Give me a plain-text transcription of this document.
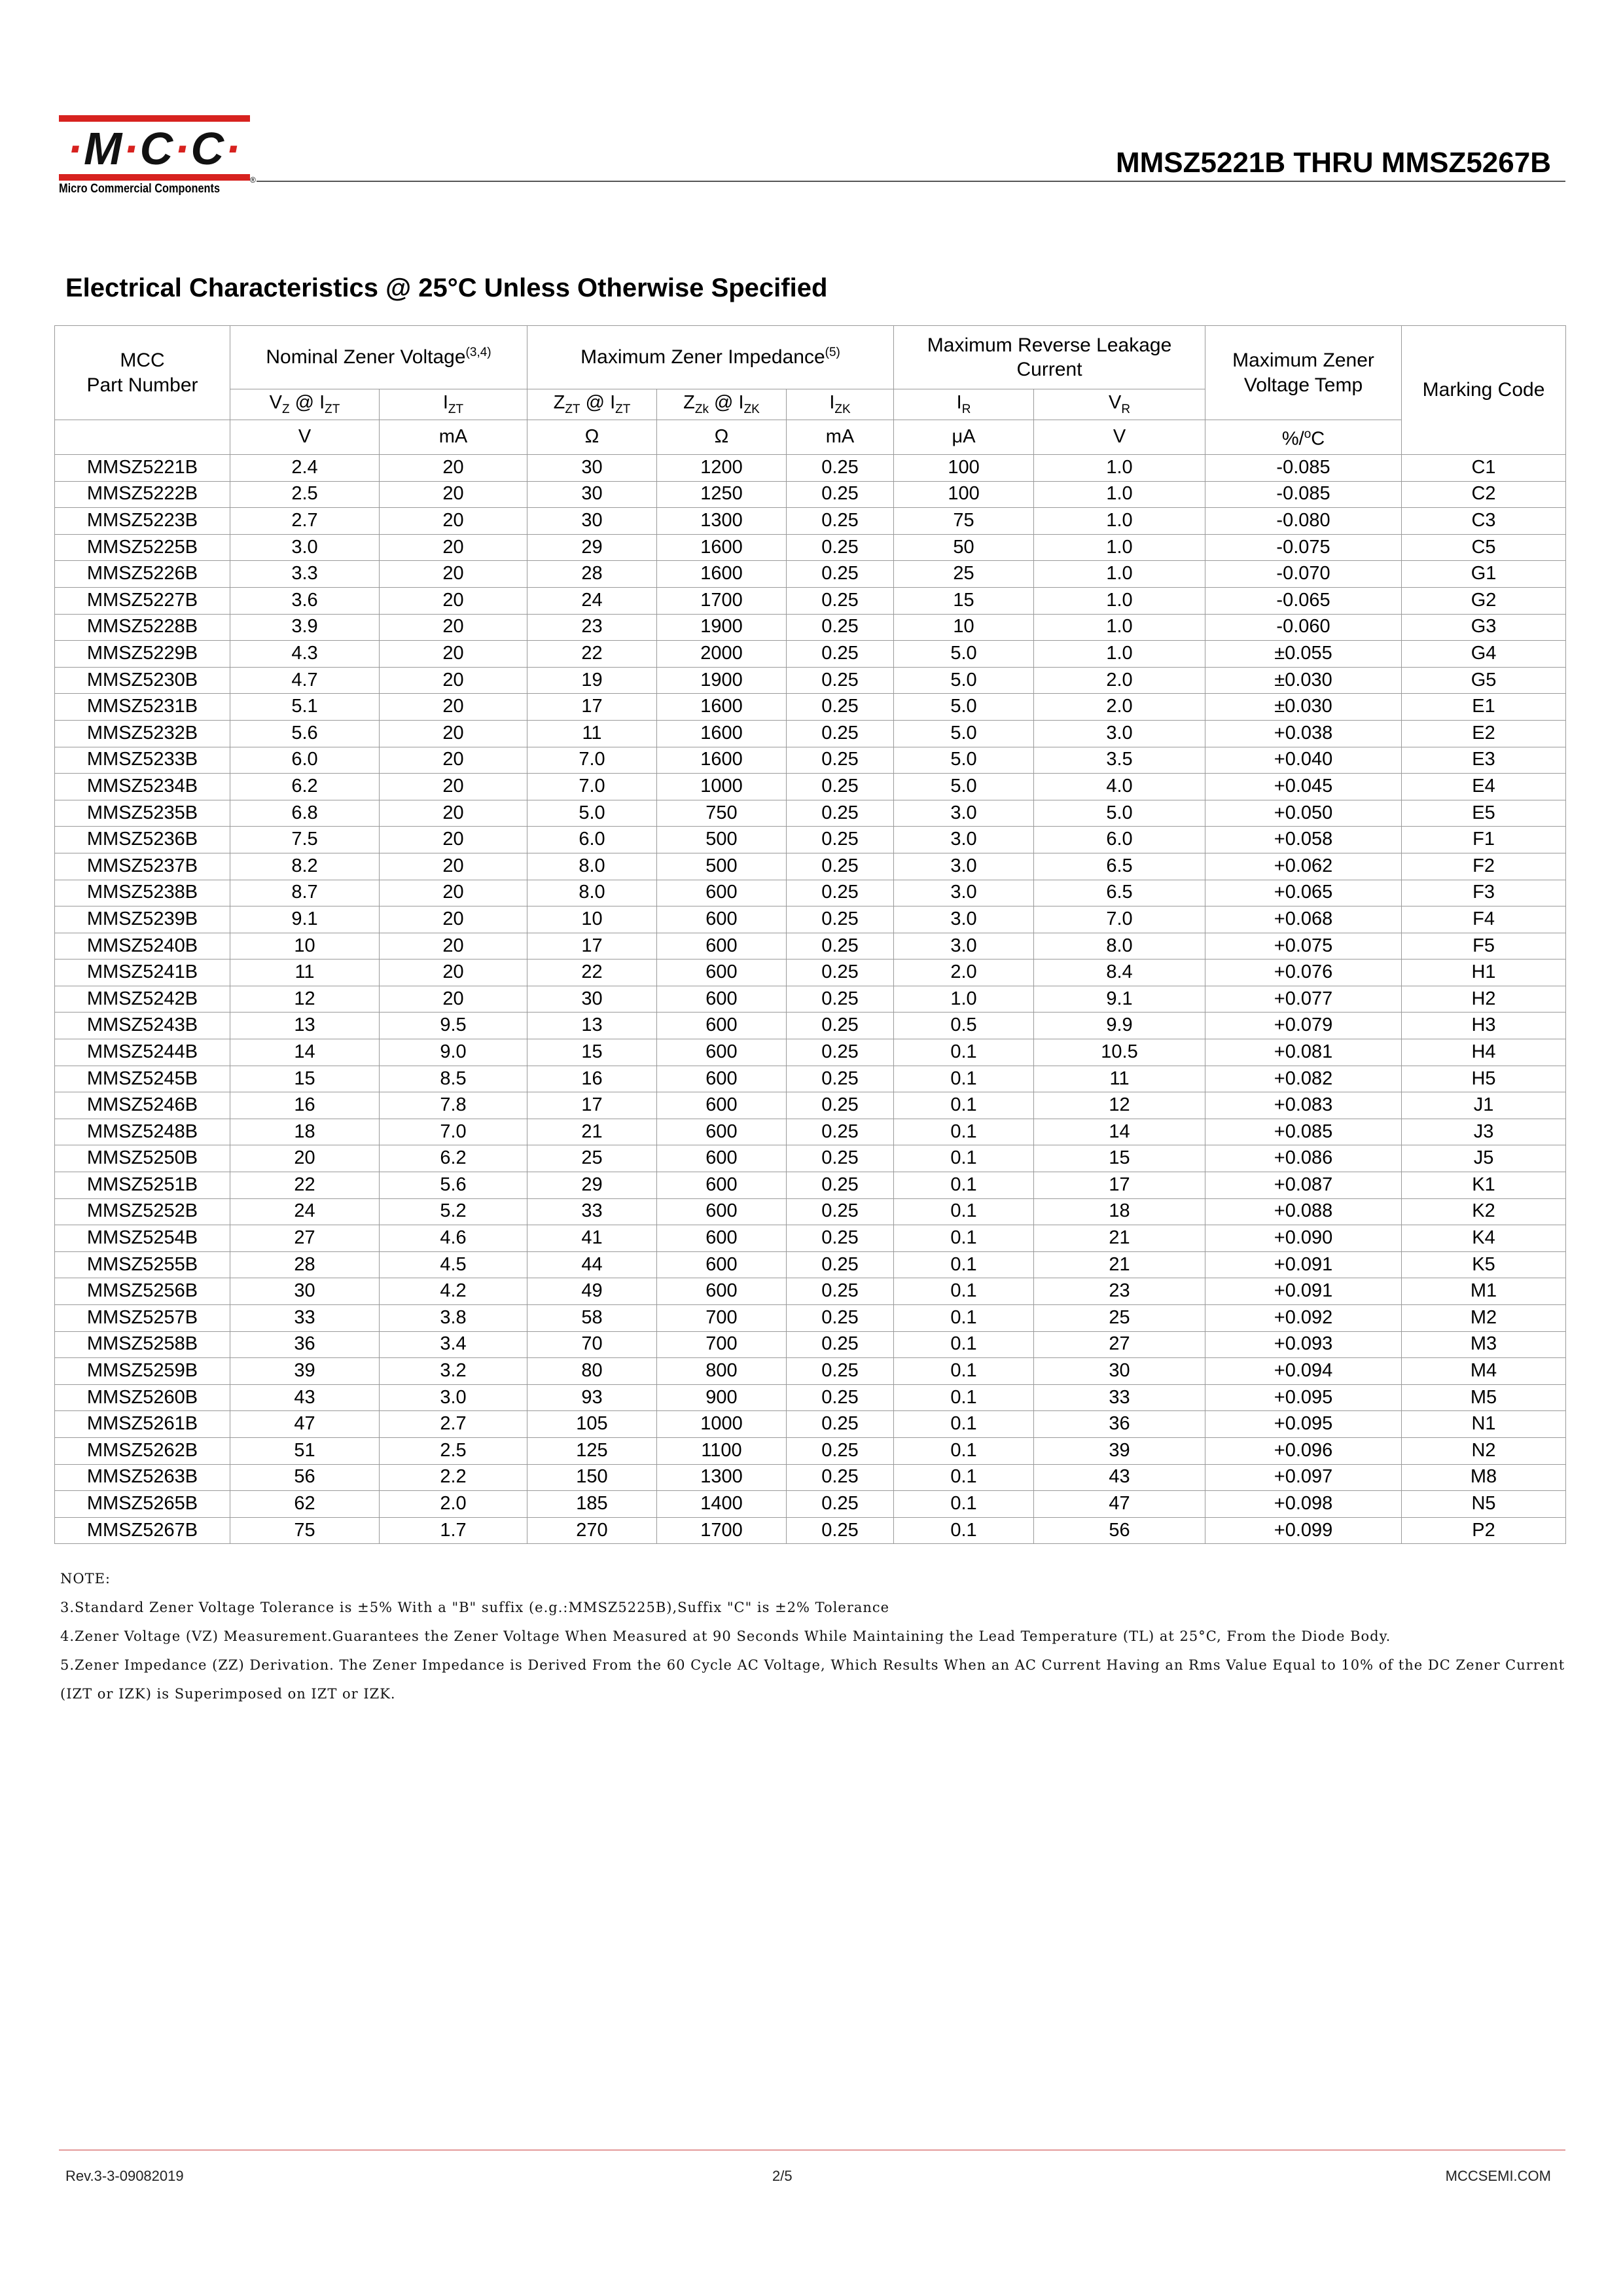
·M·C·C·
®
Micro Commercial Components
MMSZ5221B THRU MMSZ5267B
Electrical Characteristics @ 25°C Unless Otherwise Specified
MCC
Part Number	Nominal Zener Voltage$^{(3,4)}$		Maximum Zener Impedance$^{(5)}$			Maximum Reverse Leakage Current		Maximum Zener Voltage Temp	Marking Code
	$V_Z$ @ $I_{ZT}$	$I_{ZT}$	$Z_{ZT}$ @ $I_{ZT}$	$Z_{Zk}$ @ $I_{ZK}$	$I_{ZK}$	$I_R$	$V_R$
	V	mA	Ω	Ω	mA	μA	V	%/$^o$C	
MMSZ5221B	2.4	20	30	1200	0.25	100	1.0	-0.085	C1
MMSZ5222B	2.5	20	30	1250	0.25	100	1.0	-0.085	C2
MMSZ5223B	2.7	20	30	1300	0.25	75	1.0	-0.080	C3
MMSZ5225B	3.0	20	29	1600	0.25	50	1.0	-0.075	C5
MMSZ5226B	3.3	20	28	1600	0.25	25	1.0	-0.070	G1
MMSZ5227B	3.6	20	24	1700	0.25	15	1.0	-0.065	G2
MMSZ5228B	3.9	20	23	1900	0.25	10	1.0	-0.060	G3
MMSZ5229B	4.3	20	22	2000	0.25	5.0	1.0	±0.055	G4
MMSZ5230B	4.7	20	19	1900	0.25	5.0	2.0	±0.030	G5
MMSZ5231B	5.1	20	17	1600	0.25	5.0	2.0	±0.030	E1
MMSZ5232B	5.6	20	11	1600	0.25	5.0	3.0	+0.038	E2
MMSZ5233B	6.0	20	7.0	1600	0.25	5.0	3.5	+0.040	E3
MMSZ5234B	6.2	20	7.0	1000	0.25	5.0	4.0	+0.045	E4
MMSZ5235B	6.8	20	5.0	750	0.25	3.0	5.0	+0.050	E5
MMSZ5236B	7.5	20	6.0	500	0.25	3.0	6.0	+0.058	F1
MMSZ5237B	8.2	20	8.0	500	0.25	3.0	6.5	+0.062	F2
MMSZ5238B	8.7	20	8.0	600	0.25	3.0	6.5	+0.065	F3
MMSZ5239B	9.1	20	10	600	0.25	3.0	7.0	+0.068	F4
MMSZ5240B	10	20	17	600	0.25	3.0	8.0	+0.075	F5
MMSZ5241B	11	20	22	600	0.25	2.0	8.4	+0.076	H1
MMSZ5242B	12	20	30	600	0.25	1.0	9.1	+0.077	H2
MMSZ5243B	13	9.5	13	600	0.25	0.5	9.9	+0.079	H3
MMSZ5244B	14	9.0	15	600	0.25	0.1	10.5	+0.081	H4
MMSZ5245B	15	8.5	16	600	0.25	0.1	11	+0.082	H5
MMSZ5246B	16	7.8	17	600	0.25	0.1	12	+0.083	J1
MMSZ5248B	18	7.0	21	600	0.25	0.1	14	+0.085	J3
MMSZ5250B	20	6.2	25	600	0.25	0.1	15	+0.086	J5
MMSZ5251B	22	5.6	29	600	0.25	0.1	17	+0.087	K1
MMSZ5252B	24	5.2	33	600	0.25	0.1	18	+0.088	K2
MMSZ5254B	27	4.6	41	600	0.25	0.1	21	+0.090	K4
MMSZ5255B	28	4.5	44	600	0.25	0.1	21	+0.091	K5
MMSZ5256B	30	4.2	49	600	0.25	0.1	23	+0.091	M1
MMSZ5257B	33	3.8	58	700	0.25	0.1	25	+0.092	M2
MMSZ5258B	36	3.4	70	700	0.25	0.1	27	+0.093	M3
MMSZ5259B	39	3.2	80	800	0.25	0.1	30	+0.094	M4
MMSZ5260B	43	3.0	93	900	0.25	0.1	33	+0.095	M5
MMSZ5261B	47	2.7	105	1000	0.25	0.1	36	+0.095	N1
MMSZ5262B	51	2.5	125	1100	0.25	0.1	39	+0.096	N2
MMSZ5263B	56	2.2	150	1300	0.25	0.1	43	+0.097	M8
MMSZ5265B	62	2.0	185	1400	0.25	0.1	47	+0.098	N5
MMSZ5267B	75	1.7	270	1700	0.25	0.1	56	+0.099	P2
NOTE:
3.Standard Zener Voltage Tolerance is ±5% With a "B" suffix (e.g.:MMSZ5225B),Suffix "C" is ±2% Tolerance
4.Zener Voltage (VZ) Measurement.Guarantees the Zener Voltage When Measured at 90 Seconds While Maintaining the Lead Temperature (TL) at 25°C, From the Diode Body.
5.Zener Impedance (ZZ) Derivation. The Zener Impedance is Derived From the 60 Cycle AC Voltage, Which Results When an AC Current Having an Rms Value Equal to 10% of the DC Zener Current
(IZT or IZK) is Superimposed on IZT or IZK.
Rev.3-3-09082019	2/5	MCCSEMI.COM
